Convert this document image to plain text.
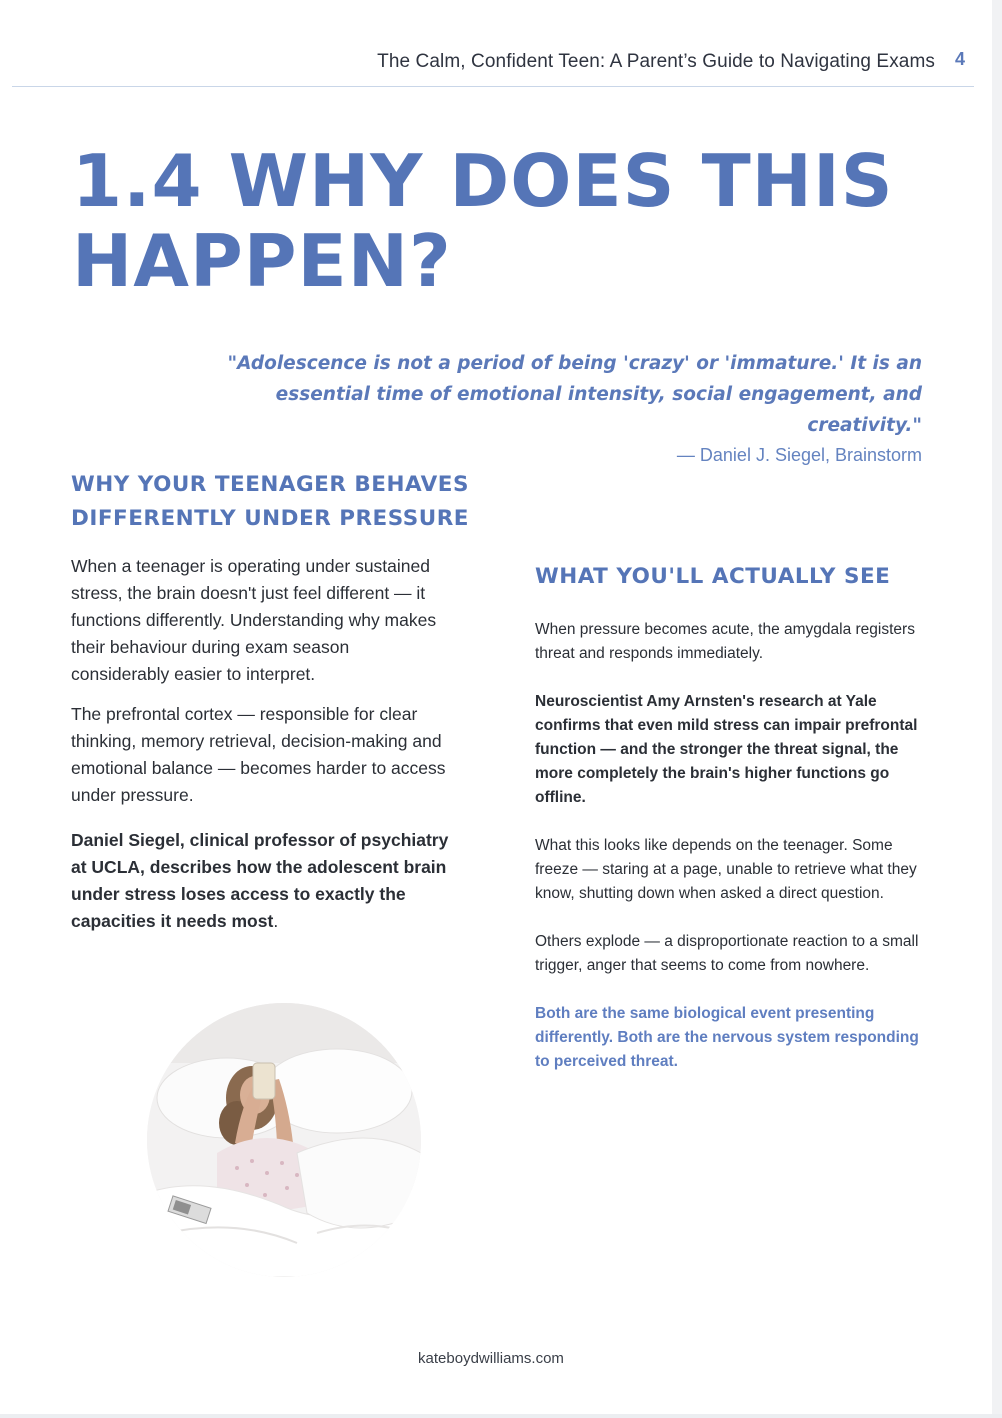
The Calm, Confident Teen: A Parent’s Guide to Navigating Exams 4
1.4 WHY DOES THIS HAPPEN?

"Adolescence is not a period of being 'crazy' or 'immature.' It is an essential time of emotional intensity, social engagement, and creativity."

— Daniel J. Siegel, Brainstorm

WHY YOUR TEENAGER BEHAVES DIFFERENTLY UNDER PRESSURE

When a teenager is operating under sustained stress, the brain doesn't just feel different — it functions differently. Understanding why makes their behaviour during exam season considerably easier to interpret.

The prefrontal cortex — responsible for clear thinking, memory retrieval, decision-making and emotional balance — becomes harder to access under pressure.

Daniel Siegel, clinical professor of psychiatry at UCLA, describes how the adolescent brain under stress loses access to exactly the capacities it needs most.

WHAT YOU'LL ACTUALLY SEE

When pressure becomes acute, the amygdala registers threat and responds immediately.

Neuroscientist Amy Arnsten's research at Yale confirms that even mild stress can impair prefrontal function — and the stronger the threat signal, the more completely the brain's higher functions go offline.

What this looks like depends on the teenager. Some freeze — staring at a page, unable to retrieve what they know, shutting down when asked a direct question.

Others explode — a disproportionate reaction to a small trigger, anger that seems to come from nowhere.

Both are the same biological event presenting differently. Both are the nervous system responding to perceived threat.

kateboydwilliams.com
